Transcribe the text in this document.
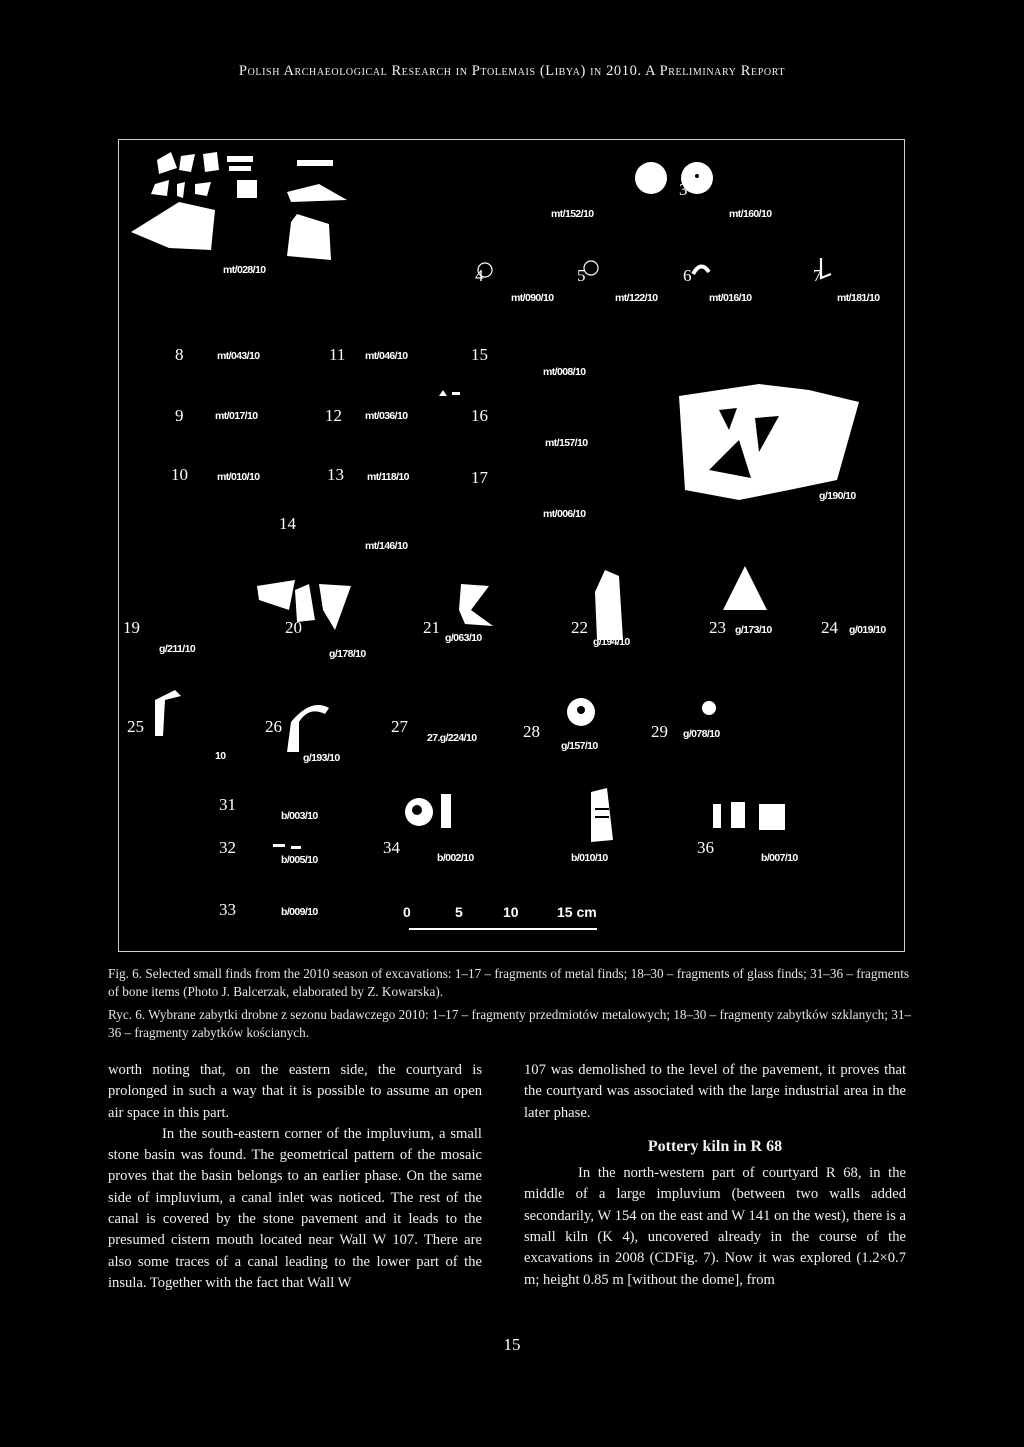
Polish Archaeological Research in Ptolemais (Libya) in 2010. A Preliminary Report
3
4	5	6	7
8
9
10
11
12
13
14
15
16
17
19	20	21	22	23	24
25	26	27	28	29
31
32	34	36
33
mt/028/10
mt/152/10	mt/160/10
mt/090/10	mt/122/10	mt/016/10	mt/181/10
mt/043/10	mt/046/10
mt/008/10
mt/017/10	mt/036/10
mt/157/10
mt/010/10	mt/118/10
mt/006/10
g/190/10
mt/146/10
g/211/10	g/178/10
g/063/10	g/194/10
g/173/10	g/019/10
10	g/193/10
27.g/224/10
g/157/10
g/078/10
b/003/10
b/005/10	b/002/10	b/010/10	b/007/10
b/009/10	0	5	10	15 cm
Fig. 6. Selected small finds from the 2010 season of excavations: 1–17 – fragments of metal finds; 18–30 – fragments of glass finds; 31–36 – fragments of bone items (Photo J. Balcerzak, elaborated by Z. Kowarska).
Ryc. 6. Wybrane zabytki drobne z sezonu badawczego 2010: 1–17 – fragmenty przedmiotów metalowych; 18–30 – fragmenty zabytków szklanych; 31–36 – fragmenty zabytków kościanych.

worth noting that, on the eastern side, the courtyard is prolonged in such a way that it is possible to assume an open air space in this part.

In the south-eastern corner of the impluvium, a small stone basin was found. The geometrical pattern of the mosaic proves that the basin belongs to an earlier phase. On the same side of impluvium, a canal inlet was noticed. The rest of the canal is covered by the stone pavement and it leads to the presumed cistern mouth located near Wall W 107. There are also some traces of a canal leading to the lower part of the insula. Together with the fact that Wall W

107 was demolished to the level of the pavement, it proves that the courtyard was associated with the large industrial area in the later phase.

Pottery kiln in R 68

In the north-western part of courtyard R 68, in the middle of a large impluvium (between two walls added secondarily, W 154 on the east and W 141 on the west), there is a small kiln (K 4), uncovered already in the course of the excavations in 2008 (CDFig. 7). Now it was explored (1.2×0.7 m; height 0.85 m [without the dome], from

15
